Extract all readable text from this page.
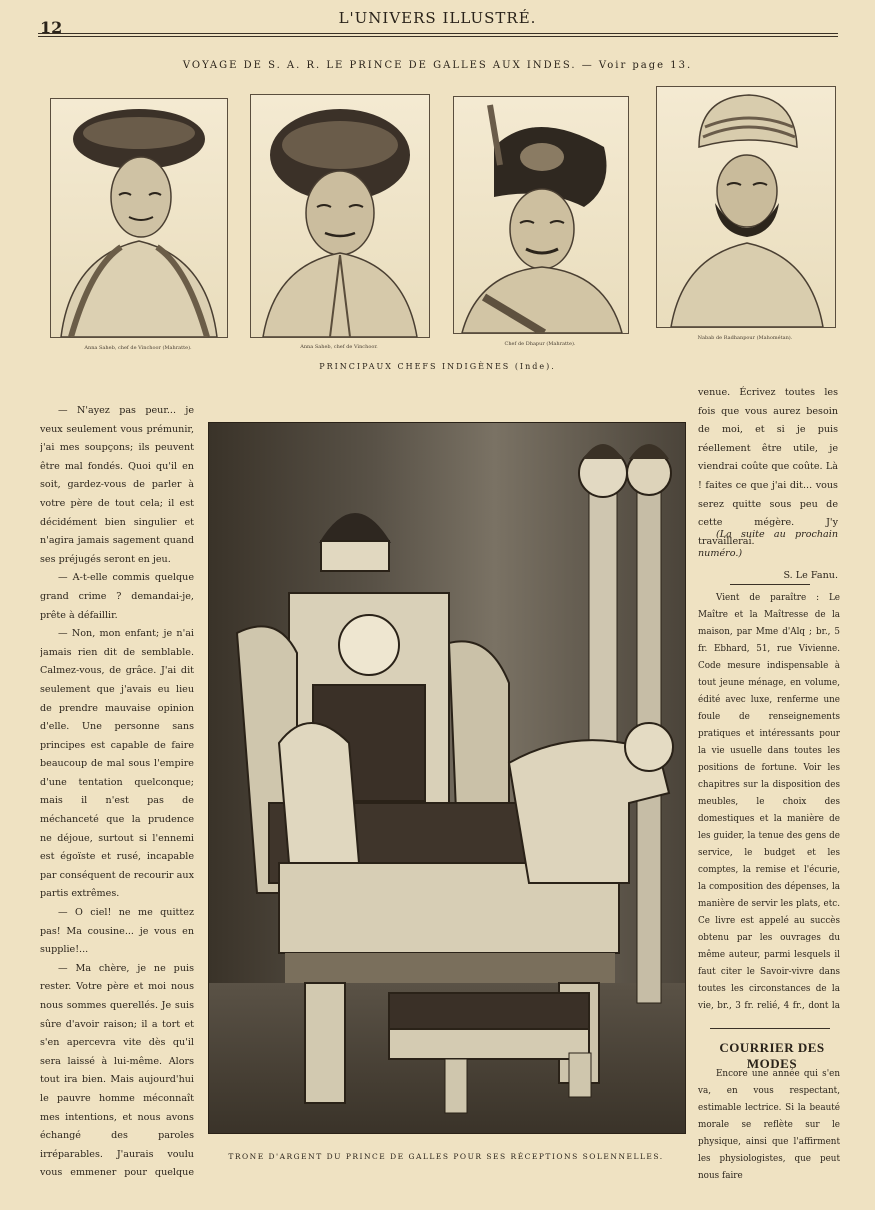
12	L'UNIVERS ILLUSTRÉ.
VOYAGE DE S. A. R. LE PRINCE DE GALLES AUX INDES. — Voir page 13.
Anna Saheb, chef de Vinchoor (Mahratte).	Anna Saheb, chef de Vinchoor.	Chef de Dhapur (Mahratte).
Nabab de Radhanpour (Mahométan).
PRINCIPAUX CHEFS INDIGÈNES (Inde).

— N'ayez pas peur... je veux seulement vous prémunir, j'ai mes soupçons; ils peuvent être mal fondés. Quoi qu'il en soit, gardez-vous de parler à votre père de tout cela; il est décidément bien singulier et n'agira jamais sagement quand ses préjugés seront en jeu.

— A-t-elle commis quelque grand crime ? demandai-je, prête à défaillir.

— Non, mon enfant; je n'ai jamais rien dit de semblable. Calmez-vous, de grâce. J'ai dit seulement que j'avais eu lieu de prendre mauvaise opinion d'elle. Une personne sans principes est capable de faire beaucoup de mal sous l'empire d'une tentation quelconque; mais il n'est pas de méchanceté que la prudence ne déjoue, surtout si l'ennemi est égoïste et rusé, incapable par conséquent de recourir aux partis extrêmes.

— O ciel! ne me quittez pas! Ma cousine... je vous en supplie!...

— Ma chère, je ne puis rester. Votre père et moi nous nous sommes querellés. Je suis sûre d'avoir raison; il a tort et s'en apercevra vite dès qu'il sera laissé à lui-même. Alors tout ira bien. Mais aujourd'hui le pauvre homme méconnaît mes intentions, et nous avons échangé des paroles irréparables. J'aurais voulu vous emmener pour quelque

TRONE D'ARGENT DU PRINCE DE GALLES POUR SES RÉCEPTIONS SOLENNELLES.

venue. Écrivez toutes les fois que vous aurez besoin de moi, et si je puis réellement être utile, je viendrai coûte que coûte. Là ! faites ce que j'ai dit... vous serez quitte sous peu de cette mégère. J'y travaillerai.

(La suite au prochain numéro.)

S. Le Fanu.

Vient de paraître : Le Maître et la Maîtresse de la maison, par Mme d'Alq ; br., 5 fr. Ebhard, 51, rue Vivienne. Code mesure indispensable à tout jeune ménage, en volume, édité avec luxe, renferme une foule de renseignements pratiques et intéressants pour la vie usuelle dans toutes les positions de fortune. Voir les chapitres sur la disposition des meubles, le choix des domestiques et la manière de les guider, la tenue des gens de service, le budget et les comptes, la remise et l'écurie, la composition des dépenses, la manière de servir les plats, etc. Ce livre est appelé au succès obtenu par les ouvrages du même auteur, parmi lesquels il faut citer le Savoir-vivre dans toutes les circonstances de la vie, br., 3 fr. relié, 4 fr., dont la

COURRIER DES MODES

Encore une année qui s'en va, en vous respectant, estimable lectrice. Si la beauté morale se reflète sur le physique, ainsi que l'affirment les physiologistes, que peut nous faire
